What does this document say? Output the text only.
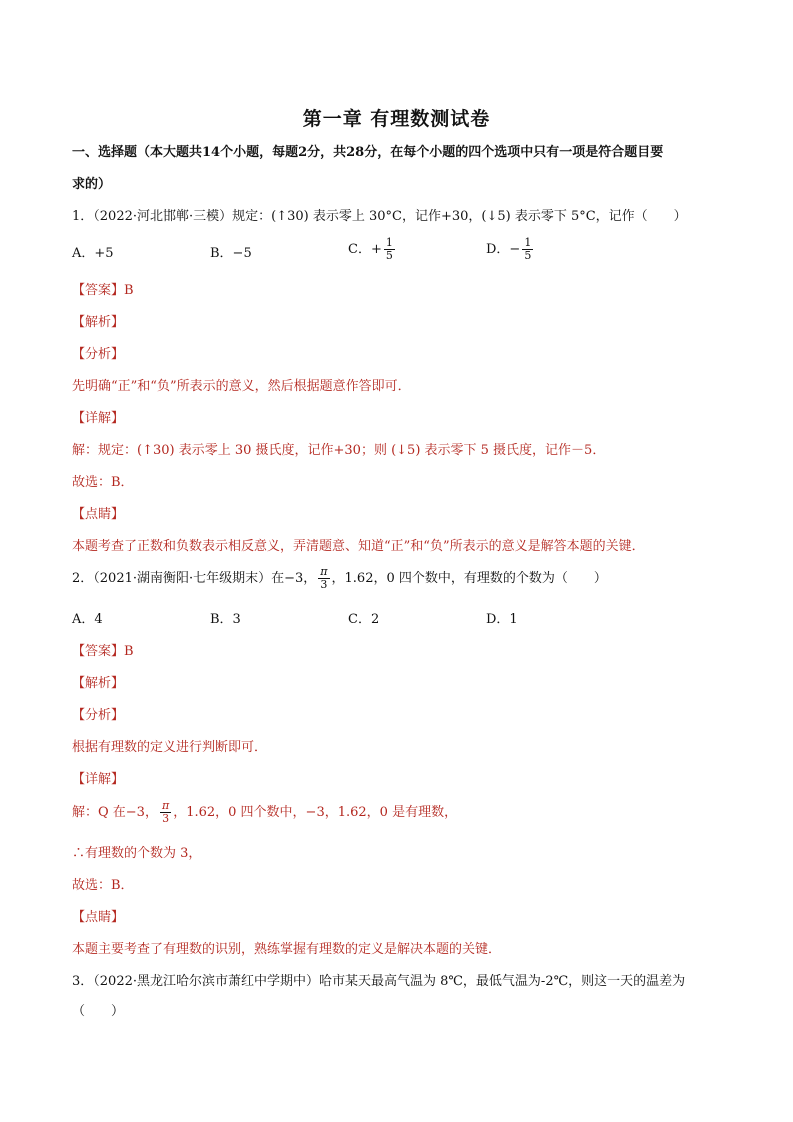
第一章 有理数测试卷
一、选择题（本大题共14个小题，每题2分，共28分，在每个小题的四个选项中只有一项是符合题目要
求的）
1．（2022·河北邯郸·三模）规定：(↑30) 表示零上 30°C，记作+30，(↓5) 表示零下 5°C，记作（　　）
A．+5	B．−5	C．+ $\frac{1}{5}$	D．− $\frac{1}{5}$
【答案】B
【解析】
【分析】
先明确“正”和“负”所表示的意义，然后根据题意作答即可．
【详解】
解：规定：(↑30) 表示零上 30 摄氏度，记作+30；则 (↓5) 表示零下 5 摄氏度，记作－5．
故选：B．
【点睛】
本题考查了正数和负数表示相反意义，弄清题意、知道“正”和“负”所表示的意义是解答本题的关键．
2．（2021·湖南衡阳·七年级期末）在−3， $\frac{\pi}{3}$ ，1.62，0 四个数中，有理数的个数为（　　）
A．4	B．3	C．2	D．1
【答案】B
【解析】
【分析】
根据有理数的定义进行判断即可．
【详解】
解：Q 在−3， $\frac{\pi}{3}$ ，1.62，0 四个数中，−3，1.62，0 是有理数，
∴有理数的个数为 3，
故选：B．
【点睛】
本题主要考查了有理数的识别，熟练掌握有理数的定义是解决本题的关键．
3．（2022·黑龙江哈尔滨市萧红中学期中）哈市某天最高气温为 8℃，最低气温为-2℃，则这一天的温差为
（　　）
